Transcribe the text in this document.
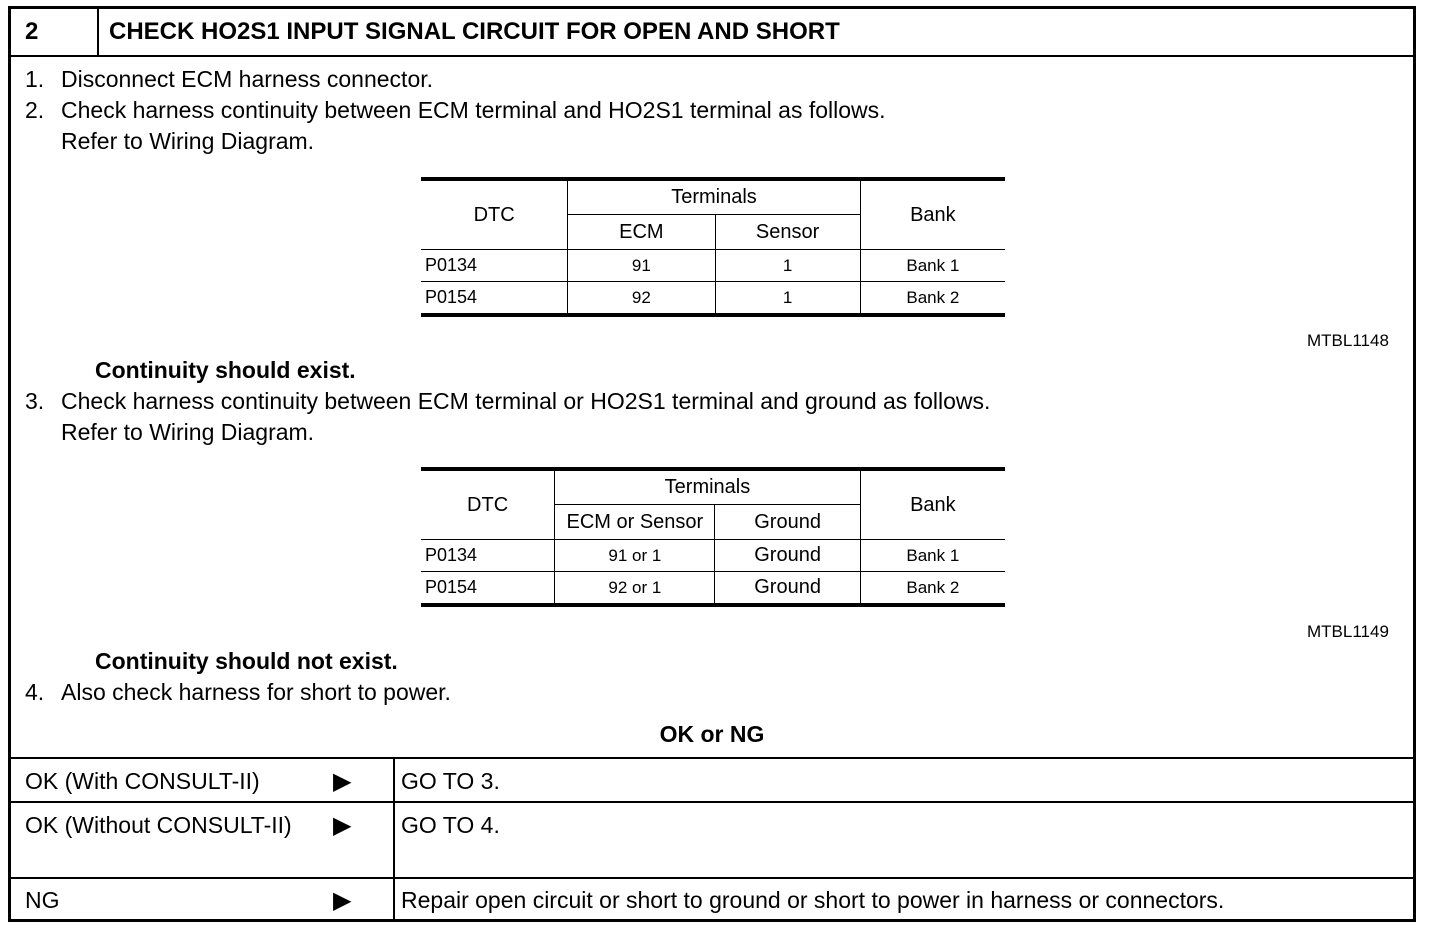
2	CHECK HO2S1 INPUT SIGNAL CIRCUIT FOR OPEN AND SHORT
1. Disconnect ECM harness connector.
2. Check harness continuity between ECM terminal and HO2S1 terminal as follows.
Refer to Wiring Diagram.
DTC	Terminals		Bank
	ECM	Sensor	
P0134	91	1	Bank 1
P0154	92	1	Bank 2
MTBL1148
Continuity should exist.
3. Check harness continuity between ECM terminal or HO2S1 terminal and ground as follows.
Refer to Wiring Diagram.
DTC	Terminals		Bank
	ECM or Sensor	Ground	
P0134	91 or 1	Ground	Bank 1
P0154	92 or 1	Ground	Bank 2
MTBL1149
Continuity should not exist.
4. Also check harness for short to power.
OK or NG
OK (With CONSULT-II)	▶ GO TO 3.
OK (Without CONSULT-II)	▶ GO TO 4.
NG	▶ Repair open circuit or short to ground or short to power in harness or connectors.
